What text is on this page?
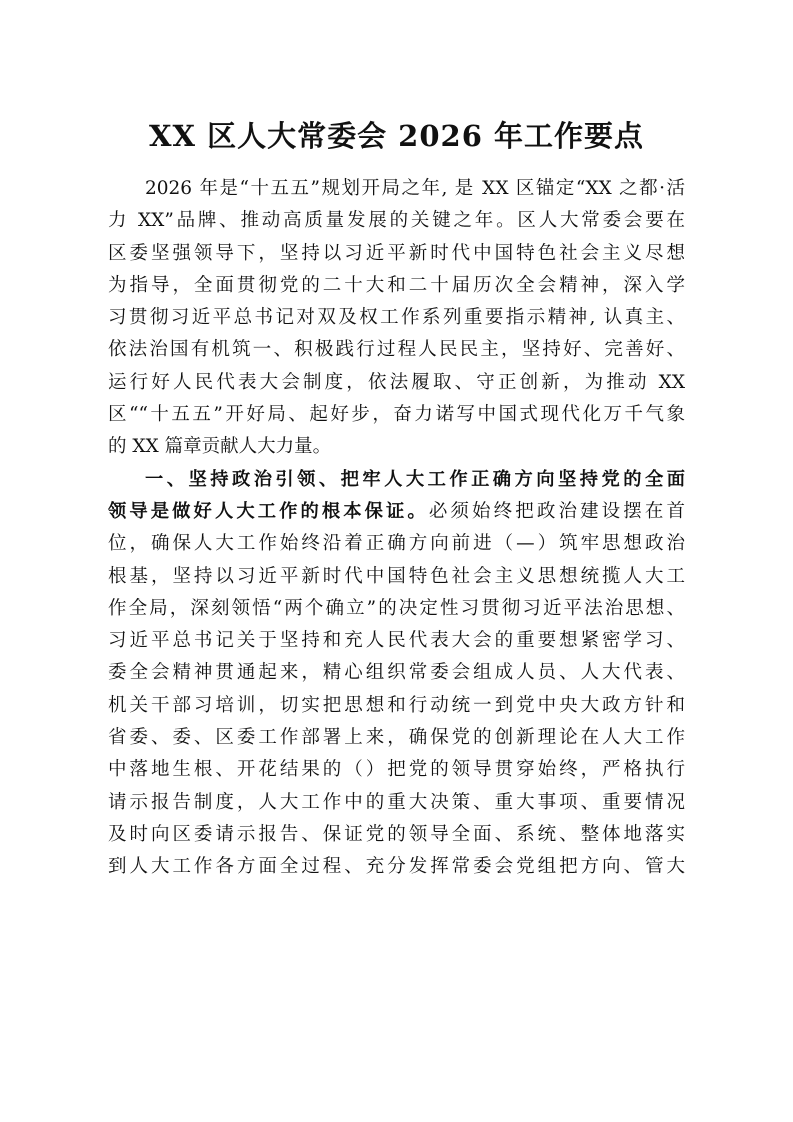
XX 区人大常委会 2026 年工作要点
2026 年是“十五五”规划开局之年, 是 XX 区锚定“XX 之都·活
力 XX”品牌、推动高质量发展的关键之年。区人大常委会要在
区委坚强领导下，坚持以习近平新时代中国特色社会主义尽想
为指导，全面贯彻党的二十大和二十届历次全会精神，深入学
习贯彻习近平总书记对双及权工作系列重要指示精神, 认真主、
依法治国有机筑一、积极践行过程人民民主，坚持好、完善好、
运行好人民代表大会制度，依法履取、守正创新，为推动 XX
区““十五五”开好局、起好步，奋力诺写中国式现代化万千气象
的 XX 篇章贡献人大力量。
一、坚持政治引领、把牢人大工作正确方向坚持党的全面
领导是做好人大工作的根本保证。必须始终把政治建设摆在首
位，确保人大工作始终沿着正确方向前进（—）筑牢思想政治
根基，坚持以习近平新时代中国特色社会主义思想统揽人大工
作全局，深刻领悟“两个确立”的决定性习贯彻习近平法治思想、
习近平总书记关于坚持和充人民代表大会的重要想紧密学习、
委全会精神贯通起来，精心组织常委会组成人员、人大代表、
机关干部习培训，切实把思想和行动统一到党中央大政方针和
省委、委、区委工作部署上来，确保党的创新理论在人大工作
中落地生根、开花结果的（）把党的领导贯穿始终，严格执行
请示报告制度，人大工作中的重大决策、重大事项、重要情况
及时向区委请示报告、保证党的领导全面、系统、整体地落实
到人大工作各方面全过程、充分发挥常委会党组把方向、管大
